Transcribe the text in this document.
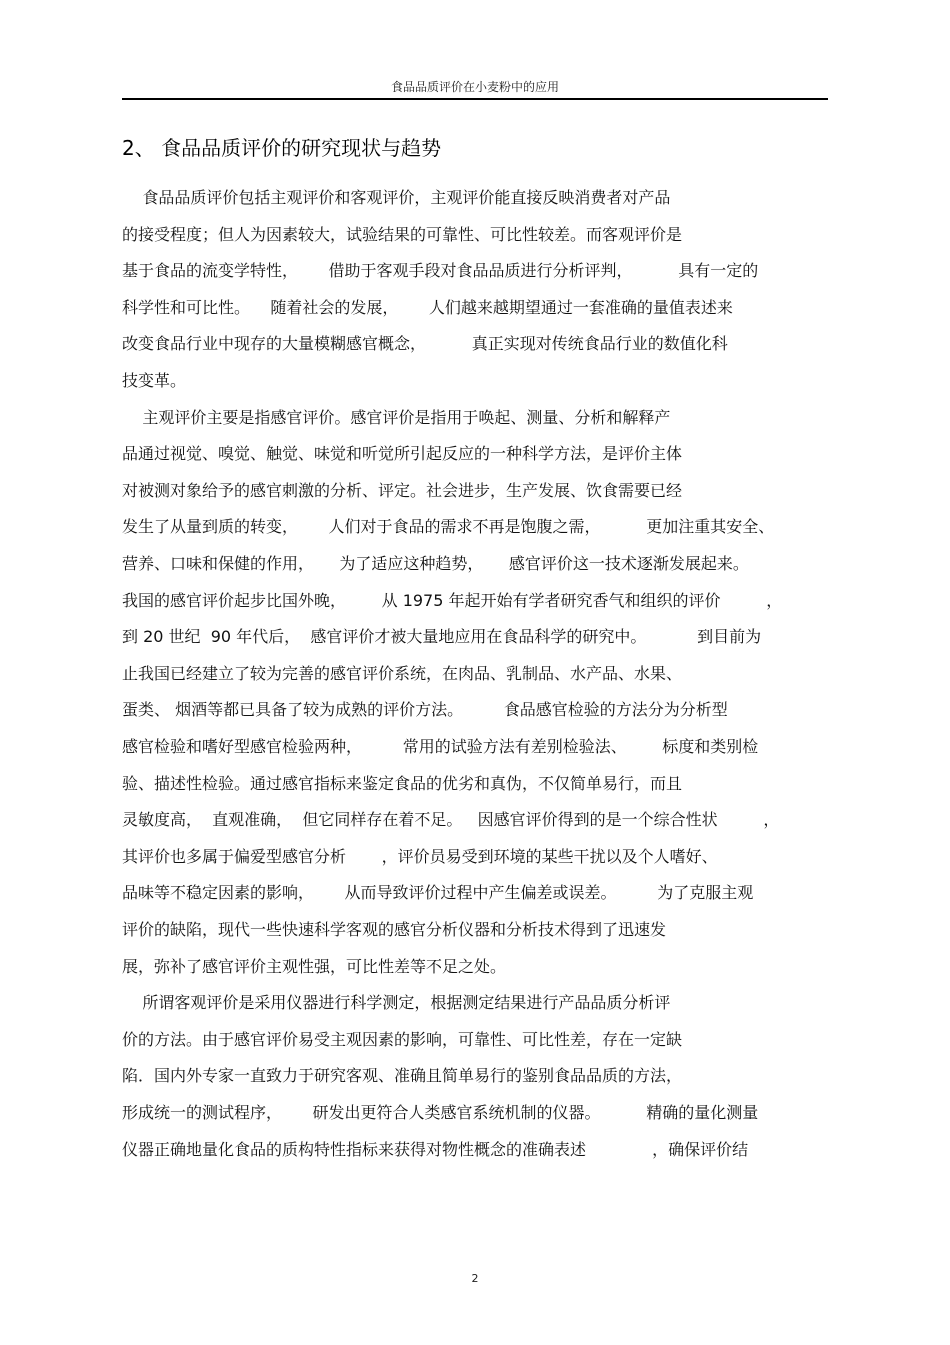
食品品质评价在小麦粉中的应用
2、 食品品质评价的研究现状与趋势
食品品质评价包括主观评价和客观评价，主观评价能直接反映消费者对产品
的接受程度；但人为因素较大，试验结果的可靠性、可比性较差。而客观评价是
基于食品的流变学特性，      借助于客观手段对食品品质进行分析评判，         具有一定的
科学性和可比性。    随着社会的发展，      人们越来越期望通过一套准确的量值表述来
改变食品行业中现存的大量模糊感官概念，         真正实现对传统食品行业的数值化科
技变革。
主观评价主要是指感官评价。感官评价是指用于唤起、测量、分析和解释产
品通过视觉、嗅觉、触觉、味觉和听觉所引起反应的一种科学方法，是评价主体
对被测对象给予的感官刺激的分析、评定。社会进步，生产发展、饮食需要已经
发生了从量到质的转变，      人们对于食品的需求不再是饱腹之需，         更加注重其安全、
营养、口味和保健的作用，     为了适应这种趋势，     感官评价这一技术逐渐发展起来。
我国的感官评价起步比国外晚，       从 1975 年起开始有学者研究香气和组织的评价         ，
到 20 世纪  90 年代后，  感官评价才被大量地应用在食品科学的研究中。          到目前为
止我国已经建立了较为完善的感官评价系统，在肉品、乳制品、水产品、水果、
蛋类、 烟酒等都已具备了较为成熟的评价方法。        食品感官检验的方法分为分析型
感官检验和嗜好型感官检验两种，        常用的试验方法有差别检验法、       标度和类别检
验、描述性检验。通过感官指标来鉴定食品的优劣和真伪，不仅简单易行，而且
灵敏度高，  直观准确，  但它同样存在着不足。   因感官评价得到的是一个综合性状         ，
其评价也多属于偏爱型感官分析       ，评价员易受到环境的某些干扰以及个人嗜好、
品味等不稳定因素的影响，      从而导致评价过程中产生偏差或误差。        为了克服主观
评价的缺陷，现代一些快速科学客观的感官分析仪器和分析技术得到了迅速发
展，弥补了感官评价主观性强，可比性差等不足之处。
所谓客观评价是采用仪器进行科学测定，根据测定结果进行产品品质分析评
价的方法。由于感官评价易受主观因素的影响，可靠性、可比性差，存在一定缺
陷．国内外专家一直致力于研究客观、准确且简单易行的鉴别食品品质的方法，
形成统一的测试程序，      研发出更符合人类感官系统机制的仪器。         精确的量化测量
仪器正确地量化食品的质构特性指标来获得对物性概念的准确表述             ，确保评价结
2
